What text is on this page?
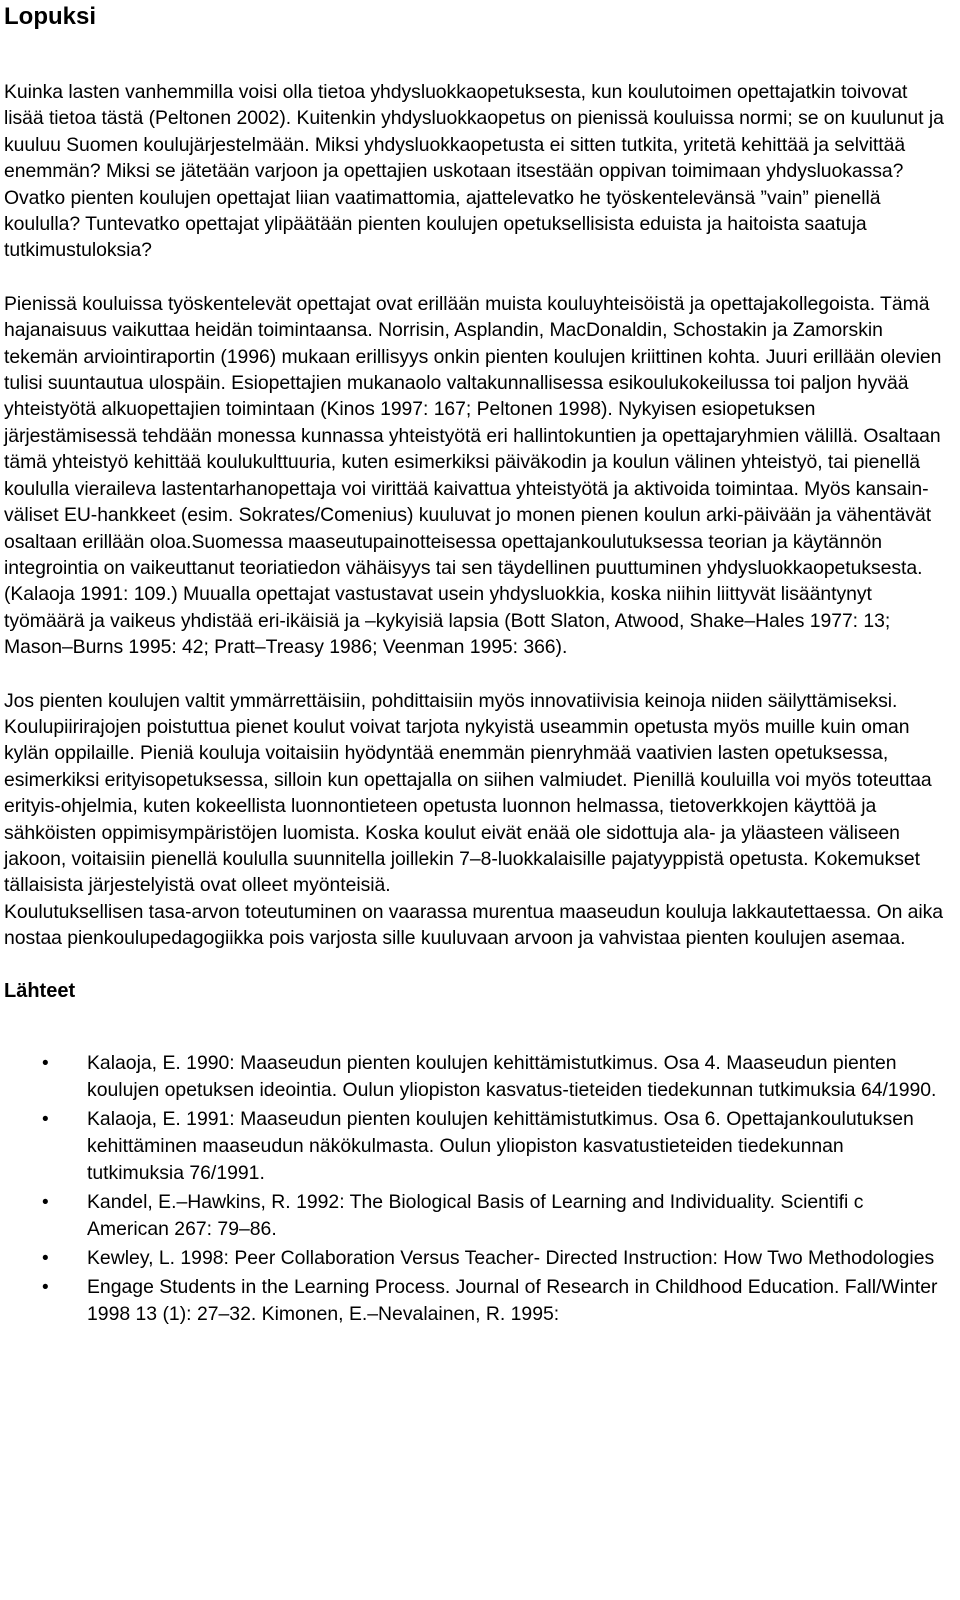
Lopuksi

Kuinka lasten vanhemmilla voisi olla tietoa yhdysluokkaopetuksesta, kun koulutoimen opettajatkin toivovat lisää tietoa tästä (Peltonen 2002). Kuitenkin yhdysluokkaopetus on pienissä kouluissa normi; se on kuulunut ja kuuluu Suomen koulujärjestelmään. Miksi yhdysluokkaopetusta ei sitten tutkita, yritetä kehittää ja selvittää enemmän? Miksi se jätetään varjoon ja opettajien uskotaan itsestään oppivan toimimaan yhdysluokassa? Ovatko pienten koulujen opettajat liian vaatimattomia, ajattelevatko he työskentelevänsä ”vain” pienellä koululla? Tuntevatko opettajat ylipäätään pienten koulujen opetuksellisista eduista ja haitoista saatuja tutkimustuloksia?

Pienissä kouluissa työskentelevät opettajat ovat erillään muista kouluyhteisöistä ja opettajakollegoista. Tämä hajanaisuus vaikuttaa heidän toimintaansa. Norrisin, Asplandin, MacDonaldin, Schostakin ja Zamorskin tekemän arviointiraportin (1996) mukaan erillisyys onkin pienten koulujen kriittinen kohta. Juuri erillään olevien tulisi suuntautua ulospäin. Esiopettajien mukanaolo valtakunnallisessa esikoulukokeilussa toi paljon hyvää yhteistyötä alkuopettajien toimintaan (Kinos 1997: 167; Peltonen 1998). Nykyisen esiopetuksen järjestämisessä tehdään monessa kunnassa yhteistyötä eri hallintokuntien ja opettajaryhmien välillä. Osaltaan tämä yhteistyö kehittää koulukulttuuria, kuten esimerkiksi päiväkodin ja koulun välinen yhteistyö, tai pienellä koululla vieraileva lastentarhanopettaja voi virittää kaivattua yhteistyötä ja aktivoida toimintaa. Myös kansain-väliset EU-hankkeet (esim. Sokrates/Comenius) kuuluvat jo monen pienen koulun arki-päivään ja vähentävät osaltaan erillään oloa.Suomessa maaseutupainotteisessa opettajankoulutuksessa teorian ja käytännön integrointia on vaikeuttanut teoriatiedon vähäisyys tai sen täydellinen puuttuminen yhdysluokkaopetuksesta. (Kalaoja 1991: 109.) Muualla opettajat vastustavat usein yhdysluokkia, koska niihin liittyvät lisääntynyt työmäärä ja vaikeus yhdistää eri-ikäisiä ja –kykyisiä lapsia (Bott Slaton, Atwood, Shake–Hales 1977: 13; Mason–Burns 1995: 42; Pratt–Treasy 1986; Veenman 1995: 366).

Jos pienten koulujen valtit ymmärrettäisiin, pohdittaisiin myös innovatiivisia keinoja niiden säilyttämiseksi. Koulupiirirajojen poistuttua pienet koulut voivat tarjota nykyistä useammin opetusta myös muille kuin oman kylän oppilaille. Pieniä kouluja voitaisiin hyödyntää enemmän pienryhmää vaativien lasten opetuksessa, esimerkiksi erityisopetuksessa, silloin kun opettajalla on siihen valmiudet. Pienillä kouluilla voi myös toteuttaa erityis-ohjelmia, kuten kokeellista luonnontieteen opetusta luonnon helmassa, tietoverkkojen käyttöä ja sähköisten oppimisympäristöjen luomista. Koska koulut eivät enää ole sidottuja ala- ja yläasteen väliseen jakoon, voitaisiin pienellä koululla suunnitella joillekin 7–8-luokkalaisille pajatyyppistä opetusta. Kokemukset tällaisista järjestelyistä ovat olleet myönteisiä.

Koulutuksellisen tasa-arvon toteutuminen on vaarassa murentua maaseudun kouluja lakkautettaessa. On aika nostaa pienkoulupedagogiikka pois varjosta sille kuuluvaan arvoon ja vahvistaa pienten koulujen asemaa.

Lähteet
• Kalaoja, E. 1990: Maaseudun pienten koulujen kehittämistutkimus. Osa 4. Maaseudun pienten koulujen opetuksen ideointia. Oulun yliopiston kasvatus-tieteiden tiedekunnan tutkimuksia 64/1990.
• Kalaoja, E. 1991: Maaseudun pienten koulujen kehittämistutkimus. Osa 6. Opettajankoulutuksen kehittäminen maaseudun näkökulmasta. Oulun yliopiston kasvatustieteiden tiedekunnan tutkimuksia 76/1991.
• Kandel, E.–Hawkins, R. 1992: The Biological Basis of Learning and Individuality. Scientifi c American 267: 79–86.
• Kewley, L. 1998: Peer Collaboration Versus Teacher- Directed Instruction: How Two Methodologies
• Engage Students in the Learning Process. Journal of Research in Childhood Education. Fall/Winter 1998 13 (1): 27–32. Kimonen, E.–Nevalainen, R. 1995:
